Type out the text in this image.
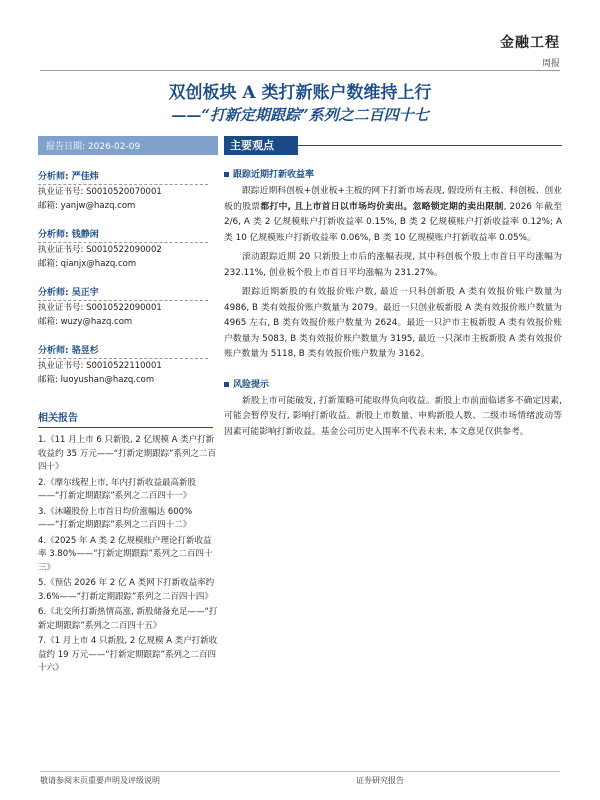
金融工程
周报
双创板块 A 类打新账户数维持上行
——“打新定期跟踪”系列之二百四十七
报告日期: 2026-02-09
分析师: 严佳炜
执业证书号: S0010520070001
邮箱: yanjw@hazq.com
分析师: 钱静闲
执业证书号: S0010522090002
邮箱: qianjx@hazq.com
分析师: 吴正宇
执业证书号: S0010522090001
邮箱: wuzy@hazq.com
分析师: 骆昱杉
执业证书号: S0010522110001
邮箱: luoyushan@hazq.com
相关报告
1.《11 月上市 6 只新股, 2 亿规模 A 类户打新收益约 35 万元——“打新定期跟踪”系列之二百四十》
2.《摩尔线程上市, 年内打新收益最高新股——“打新定期跟踪”系列之二百四十一》
3.《沐曦股份上市首日均价涨幅达 600%——“打新定期跟踪”系列之二百四十二》
4.《2025 年 A 类 2 亿规模账户理论打新收益率 3.80%——“打新定期跟踪”系列之二百四十三》
5.《预估 2026 年 2 亿 A 类网下打新收益率约 3.6%——“打新定期跟踪”系列之二百四十四》
6.《北交所打新热情高涨, 新股储备充足——“打新定期跟踪”系列之二百四十五》
7.《1 月上市 4 只新股, 2 亿规模 A 类户打新收益约 19 万元——“打新定期跟踪”系列之二百四十六》
主要观点
跟踪近期打新收益率

跟踪近期科创板+创业板+主板的网下打新市场表现, 假设所有主板、科创板、创业板的股票都打中, 且上市首日以市场均价卖出。忽略锁定期的卖出限制, 2026 年截至 2/6, A 类 2 亿规模账户打新收益率 0.15%, B 类 2 亿规模账户打新收益率 0.12%; A 类 10 亿规模账户打新收益率 0.06%, B 类 10 亿规模账户打新收益率 0.05%。

滚动跟踪近期 20 只新股上市后的涨幅表现, 其中科创板个股上市首日平均涨幅为 232.11%, 创业板个股上市首日平均涨幅为 231.27%。

跟踪近期新股的有效报价账户数, 最近一只科创新股 A 类有效报价账户数量为 4986, B 类有效报价账户数量为 2079。最近一只创业板新股 A 类有效报价账户数量为 4965 左右, B 类有效报价账户数量为 2624。最近一只沪市主板新股 A 类有效报价账户数量为 5083, B 类有效报价账户数量为 3195, 最近一只深市主板新股 A 类有效报价账户数量为 5118, B 类有效报价账户数量为 3162。

风险提示

新股上市可能破发, 打新策略可能取得负向收益。新股上市前面临诸多不确定因素, 可能会暂停发行, 影响打新收益。新股上市数量、申购新股人数、二级市场情绪波动等因素可能影响打新收益。基金公司历史入围率不代表未来, 本文意见仅供参考。

敬请参阅末页重要声明及评级说明	证券研究报告
